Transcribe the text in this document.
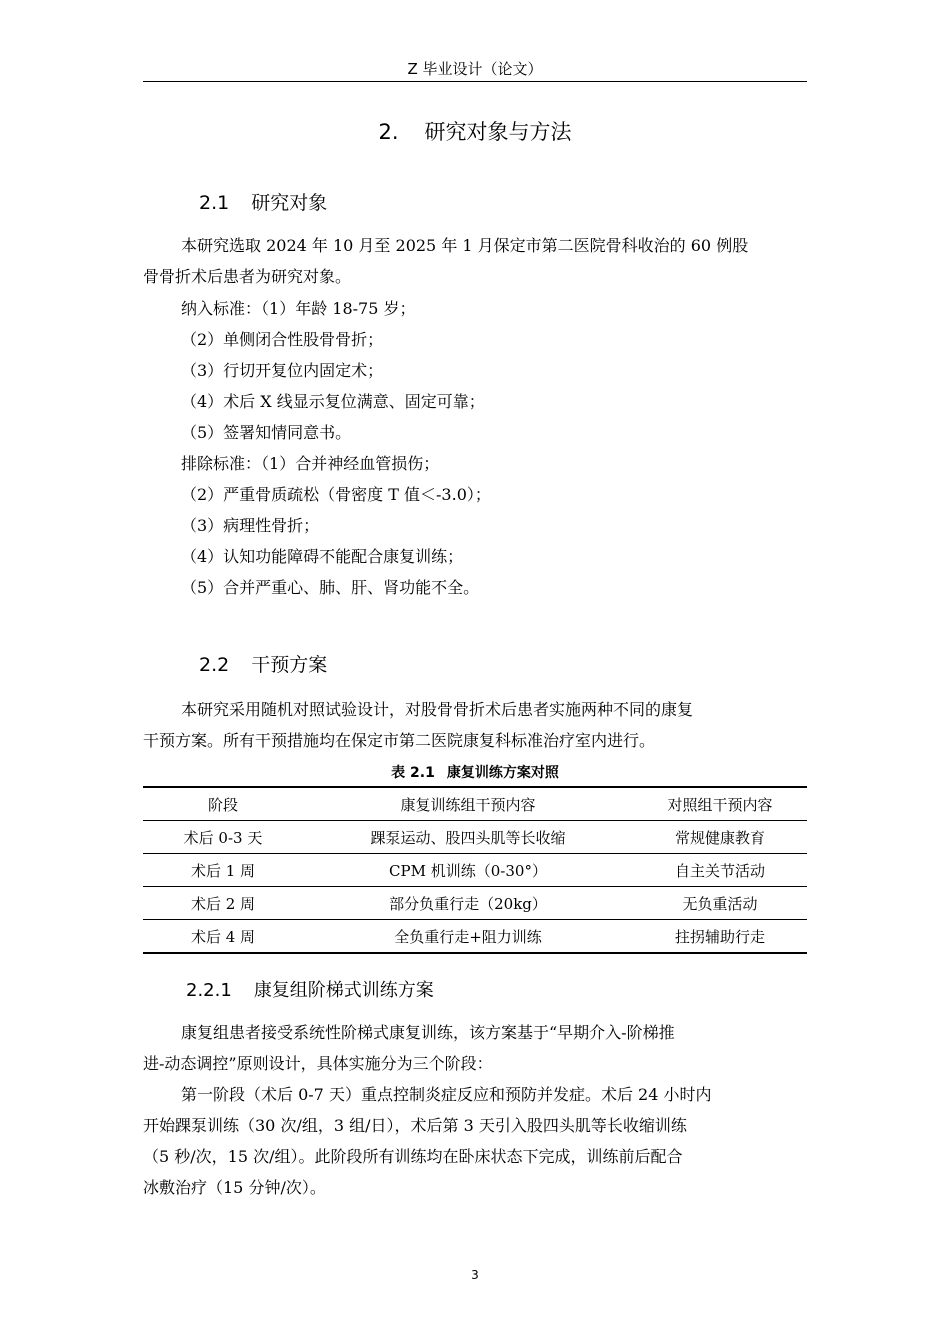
Z 毕业设计（论文）
2. 研究对象与方法
2.1 研究对象
本研究选取 2024 年 10 月至 2025 年 1 月保定市第二医院骨科收治的 60 例股
骨骨折术后患者为研究对象。
纳入标准：（1）年龄 18-75 岁；
（2）单侧闭合性股骨骨折；
（3）行切开复位内固定术；
（4）术后 X 线显示复位满意、固定可靠；
（5）签署知情同意书。
排除标准：（1）合并神经血管损伤；
（2）严重骨质疏松（骨密度 T 值＜-3.0）；
（3）病理性骨折；
（4）认知功能障碍不能配合康复训练；
（5）合并严重心、肺、肝、肾功能不全。
2.2 干预方案
本研究采用随机对照试验设计，对股骨骨折术后患者实施两种不同的康复
干预方案。所有干预措施均在保定市第二医院康复科标准治疗室内进行。
表 2.1 康复训练方案对照
阶段	康复训练组干预内容	对照组干预内容
术后 0-3 天	踝泵运动、股四头肌等长收缩	常规健康教育
术后 1 周	CPM 机训练（0-30°）	自主关节活动
术后 2 周	部分负重行走（20kg）	无负重活动
术后 4 周	全负重行走+阻力训练	拄拐辅助行走
2.2.1 康复组阶梯式训练方案
康复组患者接受系统性阶梯式康复训练，该方案基于“早期介入-阶梯推
进-动态调控”原则设计，具体实施分为三个阶段：
第一阶段（术后 0-7 天）重点控制炎症反应和预防并发症。术后 24 小时内
开始踝泵训练（30 次/组，3 组/日），术后第 3 天引入股四头肌等长收缩训练
（5 秒/次，15 次/组）。此阶段所有训练均在卧床状态下完成，训练前后配合
冰敷治疗（15 分钟/次）。
3
